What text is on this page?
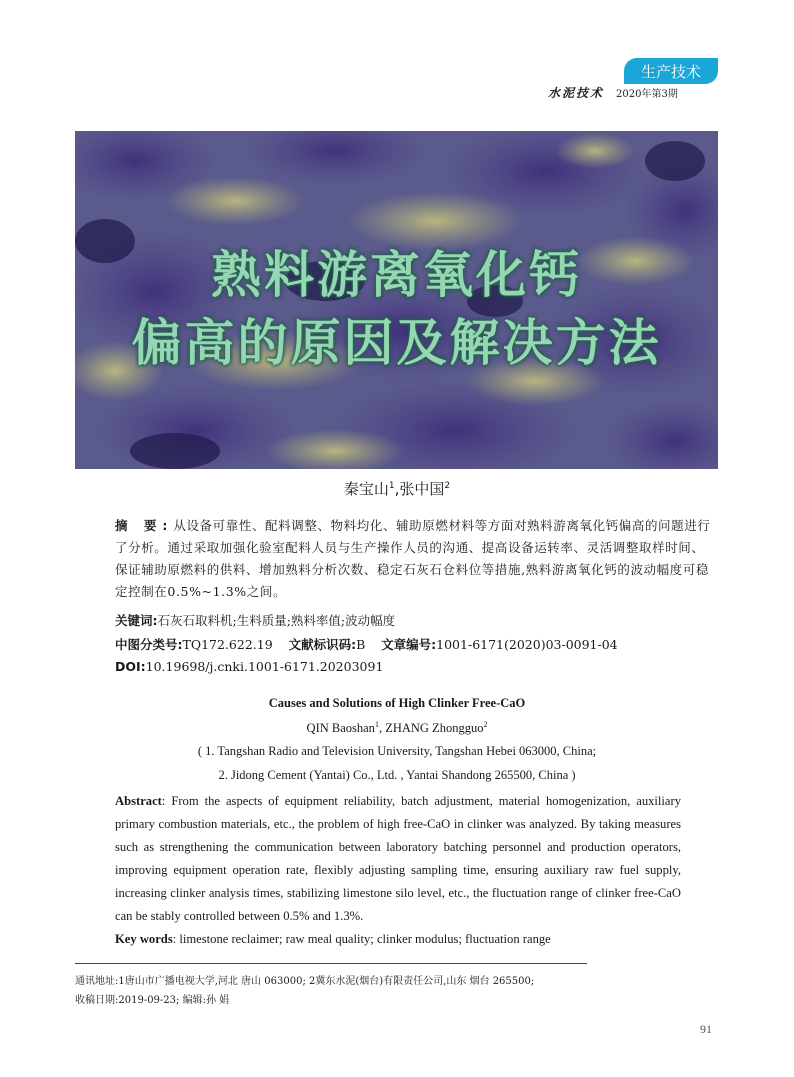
生产技术
水泥技术 2020年第3期
熟料游离氧化钙
偏高的原因及解决方法
秦宝山$^1$,张中国$^2$
摘 要:从设备可靠性、配料调整、物料均化、辅助原燃材料等方面对熟料游离氧化钙偏高的问题进行了分析。通过采取加强化验室配料人员与生产操作人员的沟通、提高设备运转率、灵活调整取样时间、保证辅助原燃料的供料、增加熟料分析次数、稳定石灰石仓料位等措施,熟料游离氧化钙的波动幅度可稳定控制在0.5%~1.3%之间。
关键词:石灰石取料机;生料质量;熟料率值;波动幅度
中图分类号:TQ172.622.19 文献标识码:B 文章编号:1001-6171(2020)03-0091-04
DOI:10.19698/j.cnki.1001-6171.20203091
Causes and Solutions of High Clinker Free-CaO
QIN Baoshan$^1$, ZHANG Zhongguo$^2$
( 1. Tangshan Radio and Television University, Tangshan Hebei 063000, China;
2. Jidong Cement (Yantai) Co., Ltd. , Yantai Shandong 265500, China )
Abstract: From the aspects of equipment reliability, batch adjustment, material homogenization, auxiliary primary combustion materials, etc., the problem of high free-CaO in clinker was analyzed. By taking measures such as strengthening the communication between laboratory batching personnel and production operators, improving equipment operation rate, flexibly adjusting sampling time, ensuring auxiliary raw fuel supply, increasing clinker analysis times, stabilizing limestone silo level, etc., the fluctuation range of clinker free-CaO can be stably controlled between 0.5% and 1.3%.
Key words: limestone reclaimer; raw meal quality; clinker modulus; fluctuation range
通讯地址:1唐山市广播电视大学,河北 唐山 063000; 2冀东水泥(烟台)有限责任公司,山东 烟台 265500;
收稿日期:2019-09-23; 编辑:孙 娟
91
